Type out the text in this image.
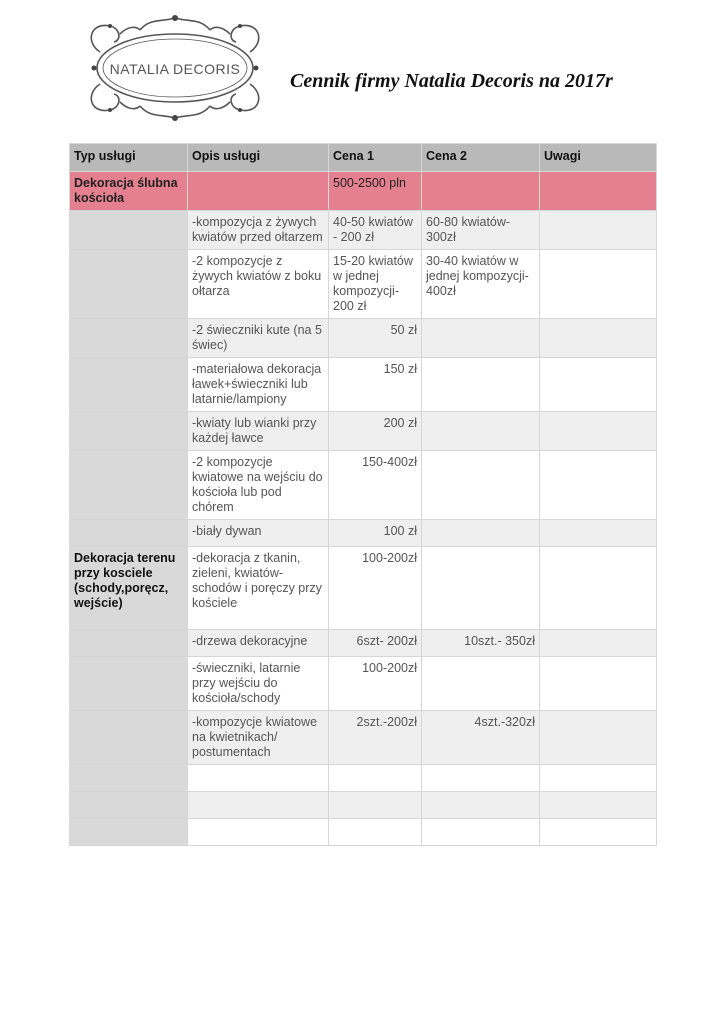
NATALIA DECORIS
Cennik firmy Natalia Decoris na 2017r
Typ usługi	Opis usługi	Cena 1	Cena 2	Uwagi
Dekoracja ślubna kościoła		500-2500 pln		
	-kompozycja z żywych kwiatów przed ołtarzem	40-50 kwiatów - 200 zł	60-80 kwiatów-300zł	
	-2 kompozycje z żywych kwiatów z boku ołtarza	15-20 kwiatów w jednej kompozycji-200 zł	30-40 kwiatów w jednej kompozycji-400zł	
	-2 świeczniki kute (na 5 świec)	50 zł		
	-materiałowa dekoracja ławek+świeczniki lub latarnie/lampiony	150 zł		
	-kwiaty lub wianki przy każdej ławce	200 zł		
	-2 kompozycje kwiatowe na wejściu do kościoła lub pod chórem	150-400zł		
	-biały dywan	100 zł		
Dekoracja terenu przy kosciele (schody,poręcz, wejście)	-dekoracja z tkanin, zieleni, kwiatów-schodów i poręczy przy kościele	100-200zł		
	-drzewa dekoracyjne	6szt- 200zł	10szt.- 350zł	
	-świeczniki, latarnie przy wejściu do kościoła/schody	100-200zł		
	-kompozycje kwiatowe na kwietnikach/ postumentach	2szt.-200zł	4szt.-320zł	
